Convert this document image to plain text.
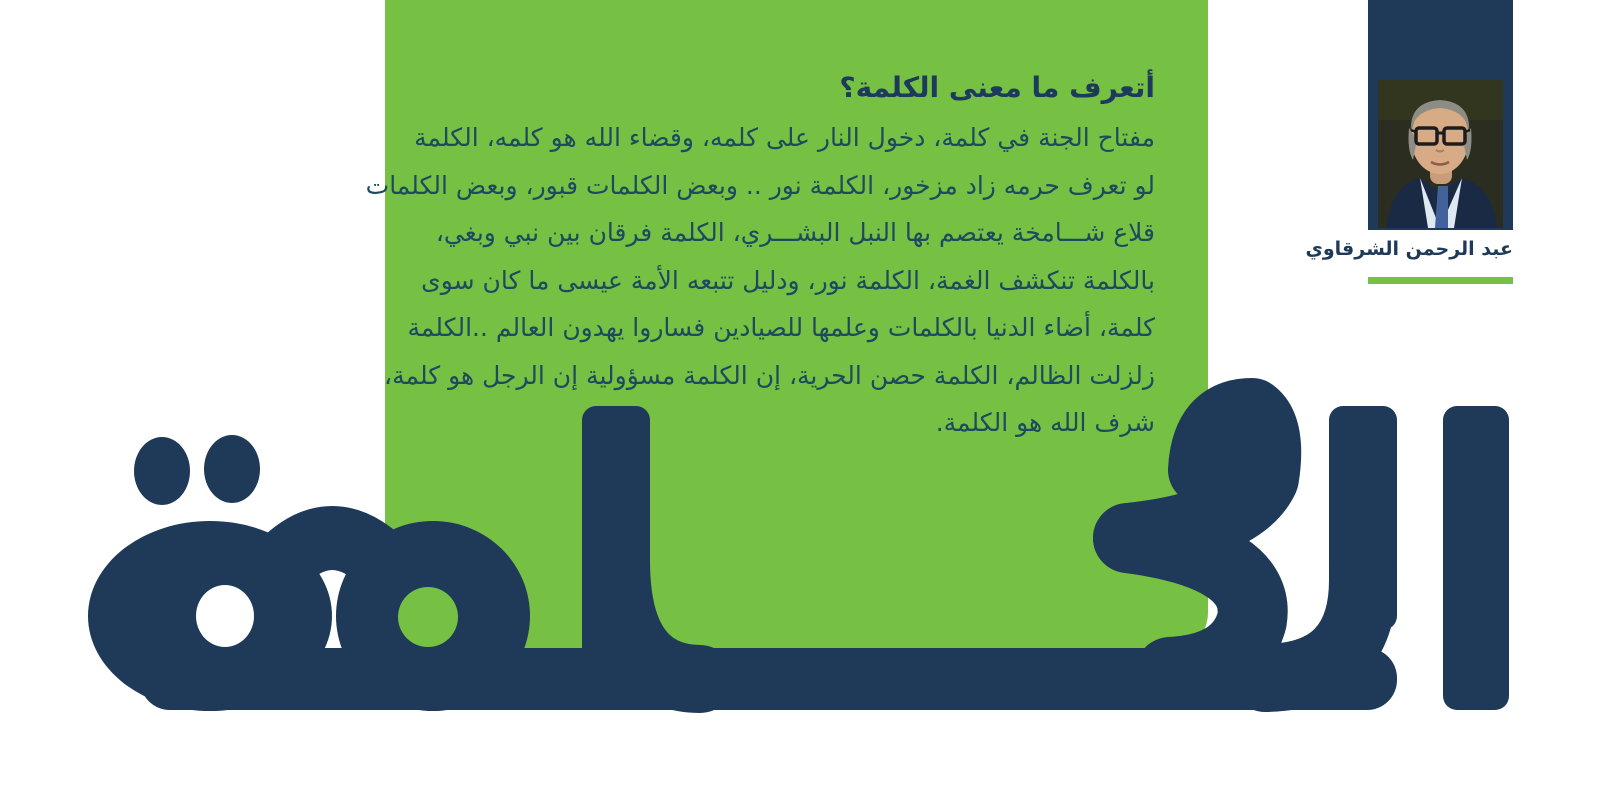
أتعرف ما معنى الكلمة؟
مفتاح الجنة في كلمة، دخول النار على كلمه، وقضاء الله هو كلمه، الكلمة
لو تعرف حرمه زاد مزخور، الكلمة نور .. وبعض الكلمات قبور، وبعض الكلمات
قلاع شـــامخة يعتصم بها النبل البشـــري، الكلمة فرقان بين نبي وبغي،
بالكلمة تنكشف الغمة، الكلمة نور، ودليل تتبعه الأمة عيسى ما كان سوى
كلمة، أضاء الدنيا بالكلمات وعلمها للصيادين فساروا يهدون العالم ..الكلمة
زلزلت الظالم، الكلمة حصن الحرية، إن الكلمة مسؤولية إن الرجل هو كلمة،
شرف الله هو الكلمة.
عبد الرحمن الشرقاوي
